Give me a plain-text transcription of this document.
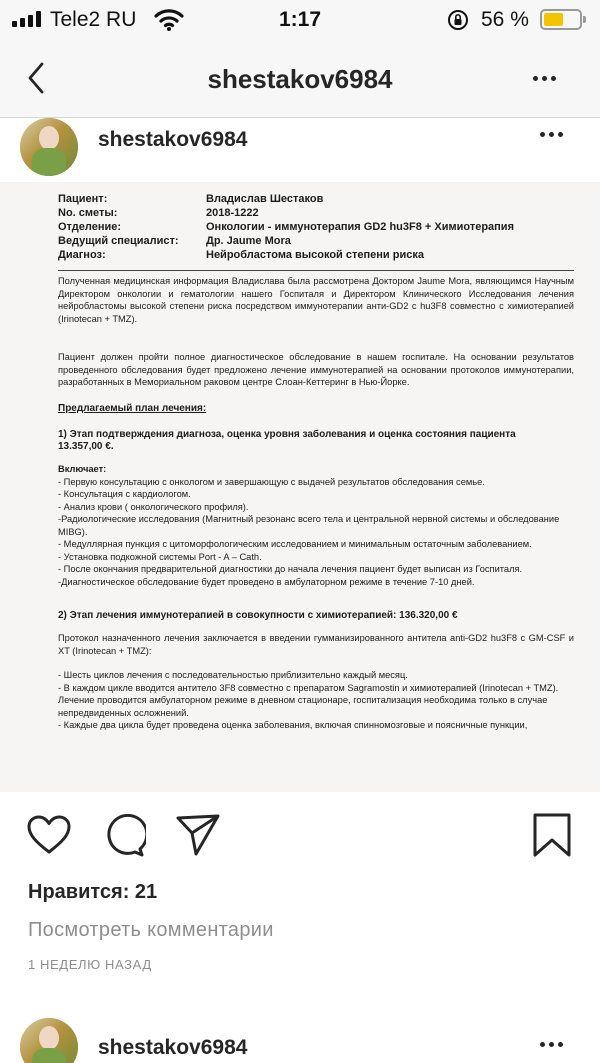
Tele2 RU	1:17	56 %
shestakov6984
shestakov6984
Пациент:	Владислав Шестаков
No. сметы:	2018-1222
Отделение:	Онкологии - иммунотерапия GD2 hu3F8 + Химиотерапия
Ведущий специалист:	Др. Jaume Mora
Диагноз:	Нейробластома высокой степени риска
Полученная медицинская информация Владислава была рассмотрена Доктором Jaume Mora, являющимся Научным Директором онкологии и гематологии нашего Госпиталя и Директором Клинического Исследования лечения нейробластомы высокой степени риска посредством иммунотерапии анти-GD2 с hu3F8 совместно с химиотерапией (Irinotecan + TMZ).
Пациент должен пройти полное диагностическое обследование в нашем госпитале. На основании результатов проведенного обследования будет предложено лечение иммунотерапией на основании протоколов иммунотерапии, разработанных в Мемориальном раковом центре Слоан-Кеттеринг в Нью-Йорке.
Предлагаемый план лечения:
1) Этап подтверждения диагноза, оценка уровня заболевания и оценка состояния пациента
13.357,00 €.
Включает:
- Первую консультацию с онкологом и завершающую с выдачей результатов обследования семье.
- Консультация с кардиологом.
- Анализ крови ( онкологического профиля).
-Радиологические исследования (Магнитный резонанс всего тела и центральной нервной системы и обследование MIBG).
- Медуллярная пункция с цитоморфологическим исследованием и минимальным остаточным заболеванием.
- Установка подкожной системы Port - A – Cath.
- После окончания предварительной диагностики до начала лечения пациент будет выписан из Госпиталя.
-Диагностическое обследование будет проведено в амбулаторном режиме в течение 7-10 дней.
2) Этап лечения иммунотерапией в совокупности с химиотерапией: 136.320,00 €
Протокол назначенного лечения заключается в введении гумманизированного антитела anti-GD2 hu3F8 с GM-CSF и XT (Irinotecan + TMZ):
- Шесть циклов лечения с последовательностью приблизительно каждый месяц.
- В каждом цикле вводится антитело 3F8 совместно с препаратом Sagramostin и химиотерапией (Irinotecan + TMZ). Лечение проводится амбулаторном режиме в дневном стационаре, госпитализация необходима только в случае непредвиденных осложнений.
- Каждые два цикла будет проведена оценка заболевания, включая спинномозговые и поясничные пункции,
Нравится: 21
Посмотреть комментарии
1 НЕДЕЛЮ НАЗАД
shestakov6984
